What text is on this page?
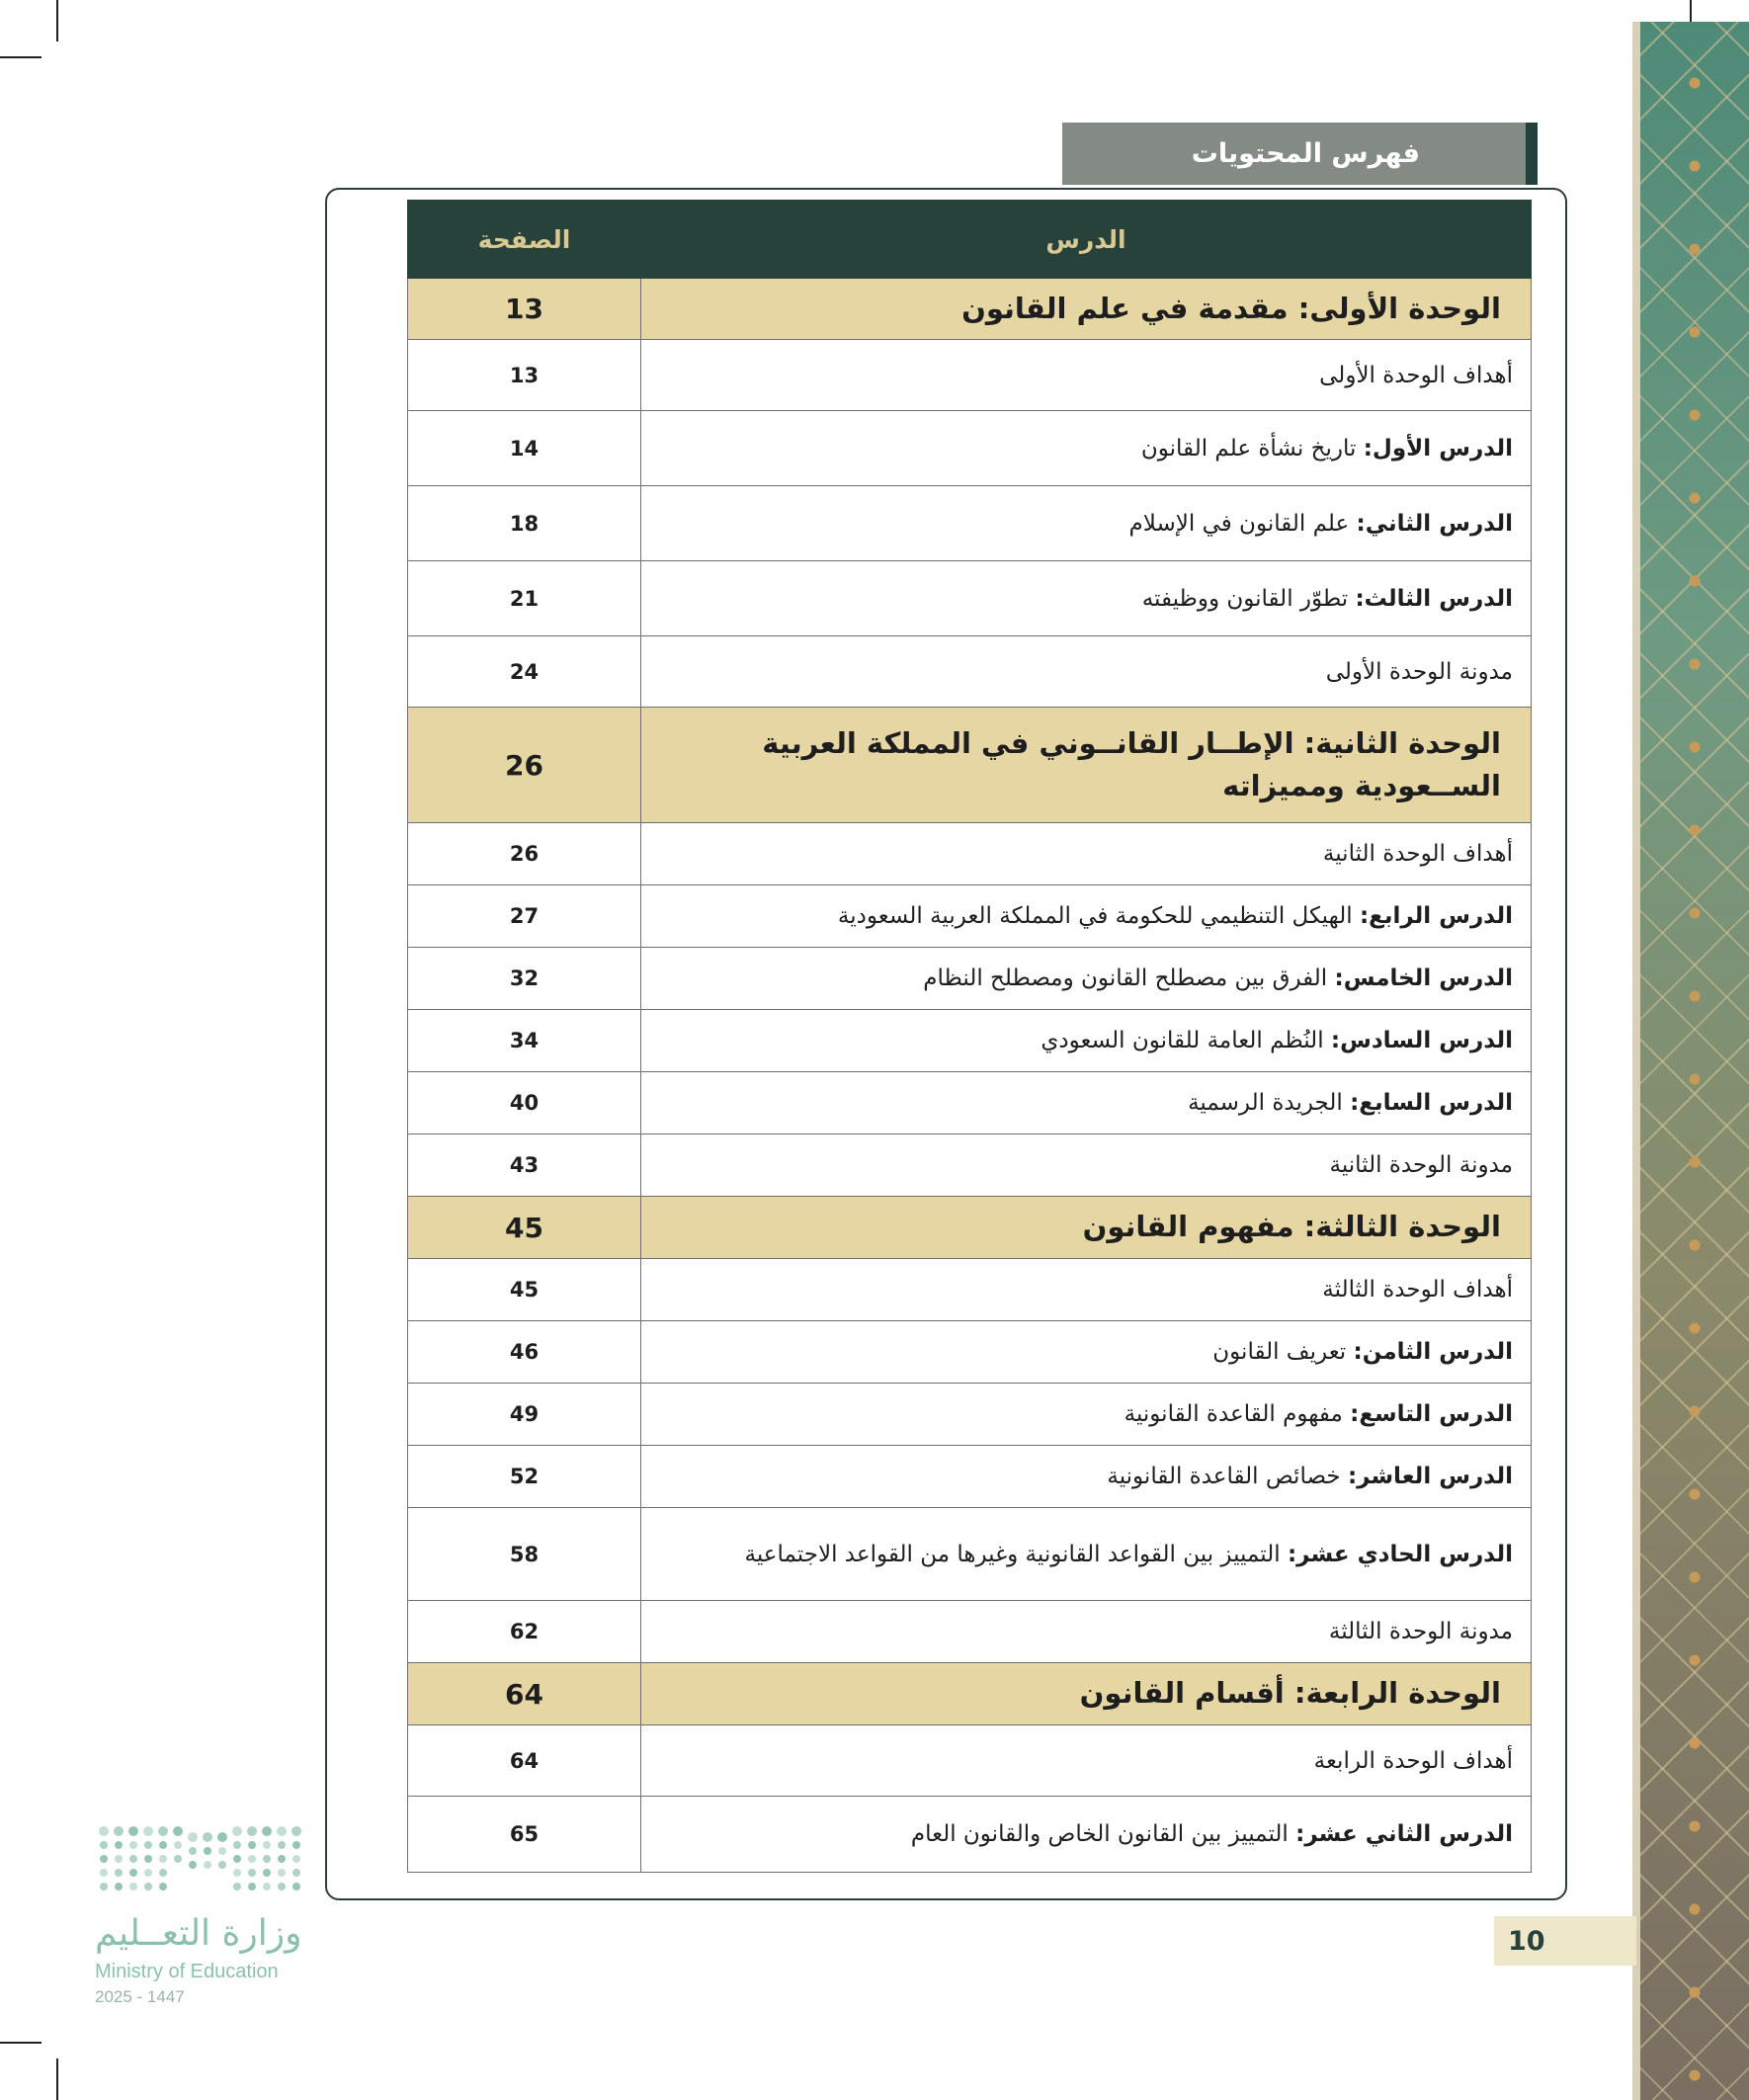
فهرس المحتويات
الصفحة	الدرس
13	الوحدة الأولى: مقدمة في علم القانون
13	أهداف الوحدة الأولى
14	الدرس الأول: تاريخ نشأة علم القانون
18	الدرس الثاني: علم القانون في الإسلام
21	الدرس الثالث: تطوّر القانون ووظيفته
24	مدونة الوحدة الأولى
26	الوحدة الثانية: الإطــار القانــوني في المملكة العربية الســعودية ومميزاته
26	أهداف الوحدة الثانية
27	الدرس الرابع: الهيكل التنظيمي للحكومة في المملكة العربية السعودية
32	الدرس الخامس: الفرق بين مصطلح القانون ومصطلح النظام
34	الدرس السادس: النُظم العامة للقانون السعودي
40	الدرس السابع: الجريدة الرسمية
43	مدونة الوحدة الثانية
45	الوحدة الثالثة: مفهوم القانون
45	أهداف الوحدة الثالثة
46	الدرس الثامن: تعريف القانون
49	الدرس التاسع: مفهوم القاعدة القانونية
52	الدرس العاشر: خصائص القاعدة القانونية
58	الدرس الحادي عشر: التمييز بين القواعد القانونية وغيرها من القواعد الاجتماعية
62	مدونة الوحدة الثالثة
64	الوحدة الرابعة: أقسام القانون
64	أهداف الوحدة الرابعة
65	الدرس الثاني عشر: التمييز بين القانون الخاص والقانون العام
وزارة التعــليم
Ministry of Education
2025 - 1447
10
